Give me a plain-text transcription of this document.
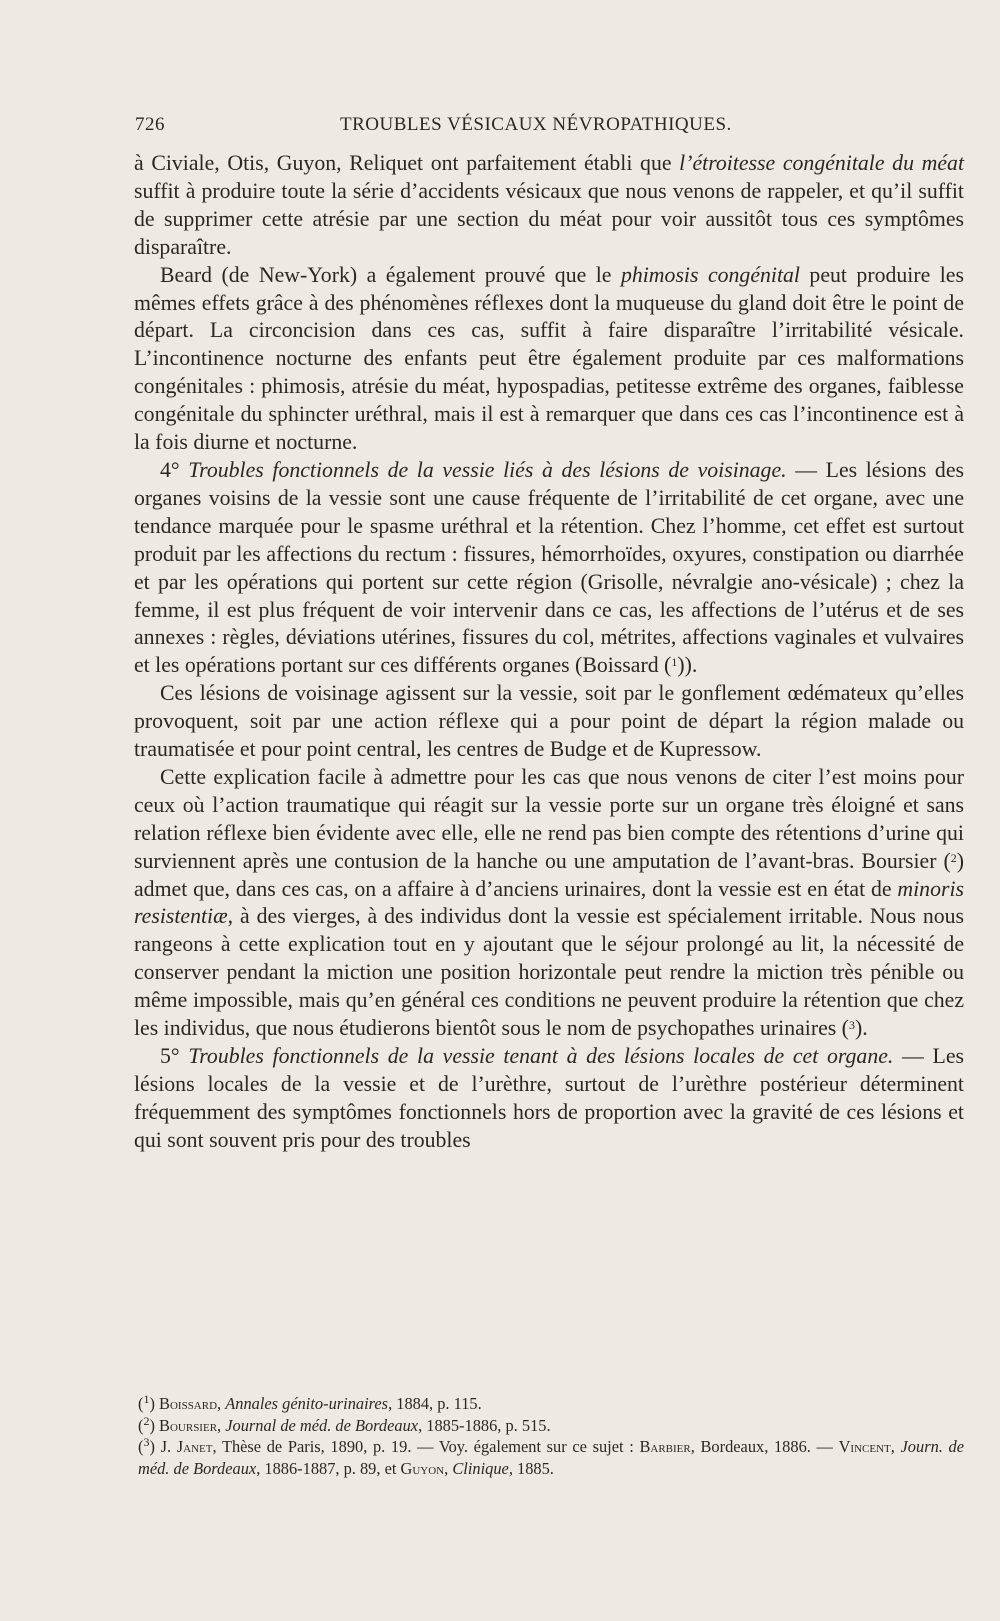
726	TROUBLES VÉSICAUX NÉVROPATHIQUES.

à Civiale, Otis, Guyon, Reliquet ont parfaitement établi que l’étroitesse congénitale du méat suffit à produire toute la série d’accidents vésicaux que nous venons de rappeler, et qu’il suffit de supprimer cette atrésie par une section du méat pour voir aussitôt tous ces symptômes disparaître.

Beard (de New-York) a également prouvé que le phimosis congénital peut produire les mêmes effets grâce à des phénomènes réflexes dont la muqueuse du gland doit être le point de départ. La circoncision dans ces cas, suffit à faire disparaître l’irritabilité vésicale. L’incontinence nocturne des enfants peut être également produite par ces malformations congénitales : phimosis, atrésie du méat, hypospadias, petitesse extrême des organes, faiblesse congénitale du sphincter uréthral, mais il est à remarquer que dans ces cas l’incontinence est à la fois diurne et nocturne.

4° Troubles fonctionnels de la vessie liés à des lésions de voisinage. — Les lésions des organes voisins de la vessie sont une cause fréquente de l’irritabilité de cet organe, avec une tendance marquée pour le spasme uréthral et la rétention. Chez l’homme, cet effet est surtout produit par les affections du rectum : fissures, hémorrhoïdes, oxyures, constipation ou diarrhée et par les opérations qui portent sur cette région (Grisolle, névralgie ano-vésicale) ; chez la femme, il est plus fréquent de voir intervenir dans ce cas, les affections de l’utérus et de ses annexes : règles, déviations utérines, fissures du col, métrites, affections vaginales et vulvaires et les opérations portant sur ces différents organes (Boissard ($^1$)).

Ces lésions de voisinage agissent sur la vessie, soit par le gonflement œdémateux qu’elles provoquent, soit par une action réflexe qui a pour point de départ la région malade ou traumatisée et pour point central, les centres de Budge et de Kupressow.

Cette explication facile à admettre pour les cas que nous venons de citer l’est moins pour ceux où l’action traumatique qui réagit sur la vessie porte sur un organe très éloigné et sans relation réflexe bien évidente avec elle, elle ne rend pas bien compte des rétentions d’urine qui surviennent après une contusion de la hanche ou une amputation de l’avant-bras. Boursier ($^2$) admet que, dans ces cas, on a affaire à d’anciens urinaires, dont la vessie est en état de minoris resistentiæ, à des vierges, à des individus dont la vessie est spécialement irritable. Nous nous rangeons à cette explication tout en y ajoutant que le séjour prolongé au lit, la nécessité de conserver pendant la miction une position horizontale peut rendre la miction très pénible ou même impossible, mais qu’en général ces conditions ne peuvent produire la rétention que chez les individus, que nous étudierons bientôt sous le nom de psychopathes urinaires ($^3$).

5° Troubles fonctionnels de la vessie tenant à des lésions locales de cet organe. — Les lésions locales de la vessie et de l’urèthre, surtout de l’urèthre postérieur déterminent fréquemment des symptômes fonctionnels hors de proportion avec la gravité de ces lésions et qui sont souvent pris pour des troubles

($^1$) Boissard, Annales génito-urinaires, 1884, p. 115.

($^2$) Boursier, Journal de méd. de Bordeaux, 1885-1886, p. 515.

($^3$) J. Janet, Thèse de Paris, 1890, p. 19. — Voy. également sur ce sujet : Barbier, Bordeaux, 1886. — Vincent, Journ. de méd. de Bordeaux, 1886-1887, p. 89, et Guyon, Clinique, 1885.
